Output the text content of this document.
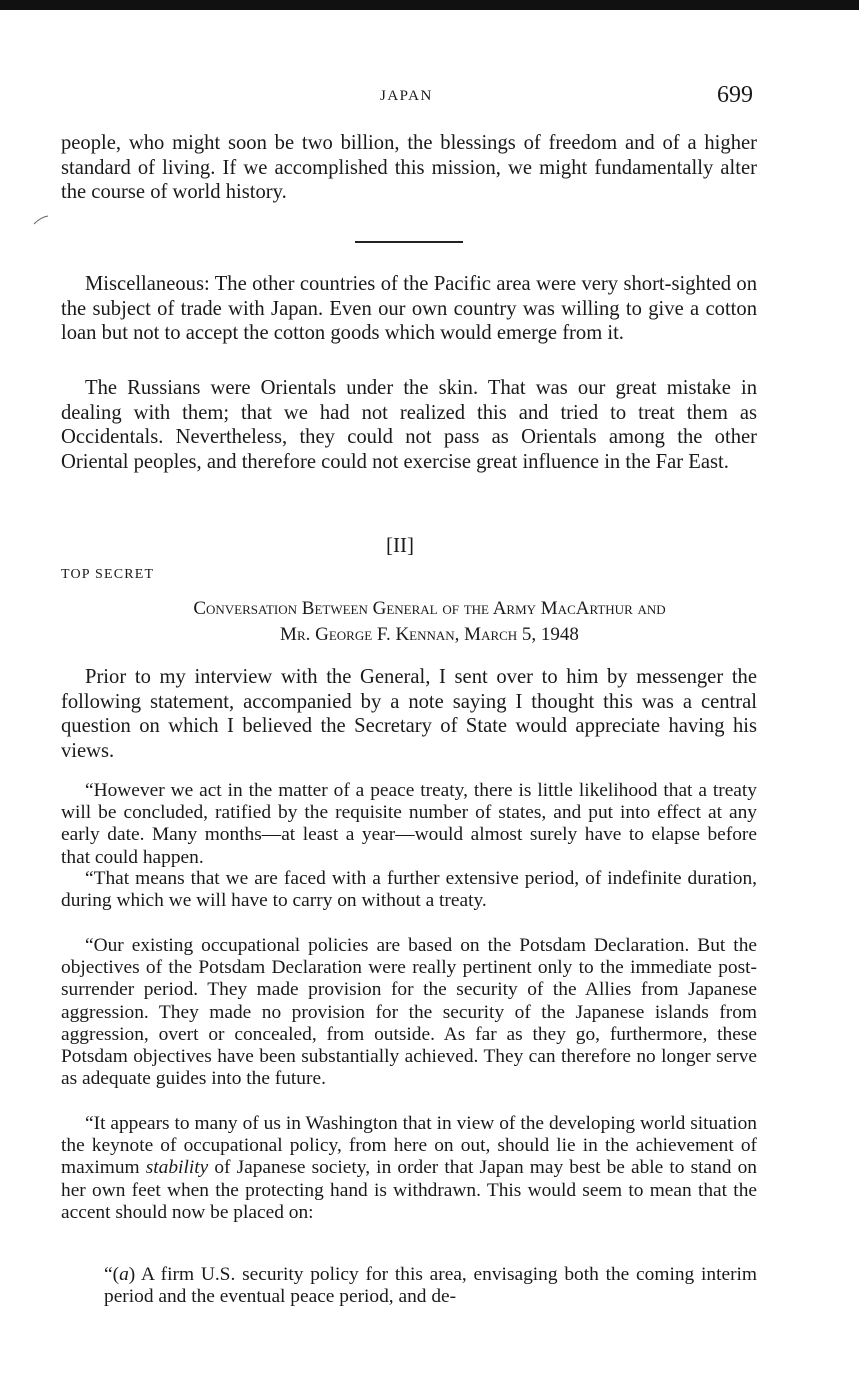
JAPAN	699

people, who might soon be two billion, the blessings of freedom and of a higher standard of living. If we accomplished this mission, we might fundamentally alter the course of world history.

Miscellaneous: The other countries of the Pacific area were very short-sighted on the subject of trade with Japan. Even our own country was willing to give a cotton loan but not to accept the cotton goods which would emerge from it.

The Russians were Orientals under the skin. That was our great mistake in dealing with them; that we had not realized this and tried to treat them as Occidentals. Nevertheless, they could not pass as Orientals among the other Oriental peoples, and therefore could not exercise great influence in the Far East.

[II]
TOP SECRET
Conversation Between General of the Army MacArthur and
Mr. George F. Kennan, March 5, 1948

Prior to my interview with the General, I sent over to him by messenger the following statement, accompanied by a note saying I thought this was a central question on which I believed the Secretary of State would appreciate having his views.

“However we act in the matter of a peace treaty, there is little likelihood that a treaty will be concluded, ratified by the requisite number of states, and put into effect at any early date. Many months—at least a year—would almost surely have to elapse before that could happen.

“That means that we are faced with a further extensive period, of indefinite duration, during which we will have to carry on without a treaty.

“Our existing occupational policies are based on the Potsdam Declaration. But the objectives of the Potsdam Declaration were really pertinent only to the immediate post-surrender period. They made provision for the security of the Allies from Japanese aggression. They made no provision for the security of the Japanese islands from aggression, overt or concealed, from outside. As far as they go, furthermore, these Potsdam objectives have been substantially achieved. They can therefore no longer serve as adequate guides into the future.

“It appears to many of us in Washington that in view of the developing world situation the keynote of occupational policy, from here on out, should lie in the achievement of maximum stability of Japanese society, in order that Japan may best be able to stand on her own feet when the protecting hand is withdrawn. This would seem to mean that the accent should now be placed on:

“(a) A firm U.S. security policy for this area, envisaging both the coming interim period and the eventual peace period, and de-
